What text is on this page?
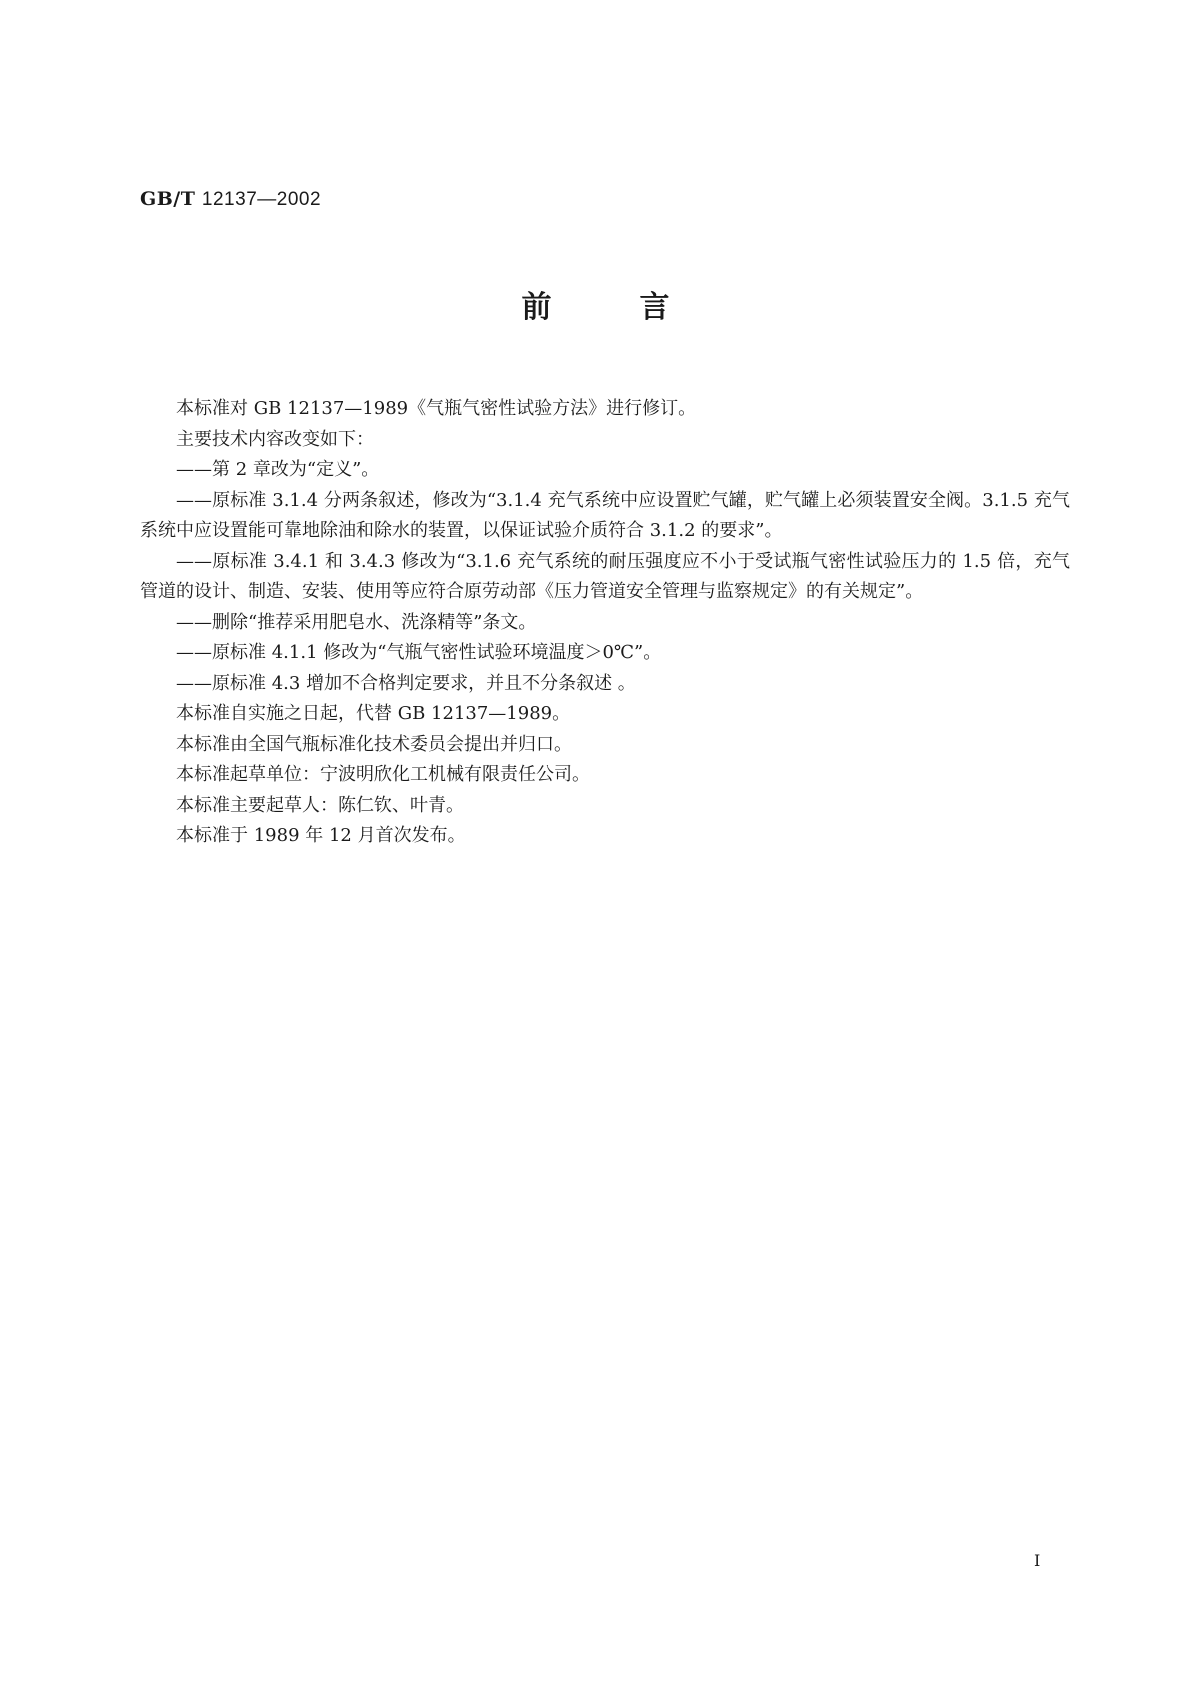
GB/T 12137—2002
前言

本标准对 GB 12137—1989《气瓶气密性试验方法》进行修订。

主要技术内容改变如下：

——第 2 章改为“定义”。

——原标准 3.1.4 分两条叙述，修改为“3.1.4 充气系统中应设置贮气罐，贮气罐上必须装置安全阀。3.1.5 充气系统中应设置能可靠地除油和除水的装置，以保证试验介质符合 3.1.2 的要求”。

——原标准 3.4.1 和 3.4.3 修改为“3.1.6 充气系统的耐压强度应不小于受试瓶气密性试验压力的 1.5 倍，充气管道的设计、制造、安装、使用等应符合原劳动部《压力管道安全管理与监察规定》的有关规定”。

——删除“推荐采用肥皂水、洗涤精等”条文。

——原标准 4.1.1 修改为“气瓶气密性试验环境温度＞0℃”。

——原标准 4.3 增加不合格判定要求，并且不分条叙述 。

本标准自实施之日起，代替 GB 12137—1989。

本标准由全国气瓶标准化技术委员会提出并归口。

本标准起草单位：宁波明欣化工机械有限责任公司。

本标准主要起草人：陈仁钦、叶青。

本标准于 1989 年 12 月首次发布。

I
